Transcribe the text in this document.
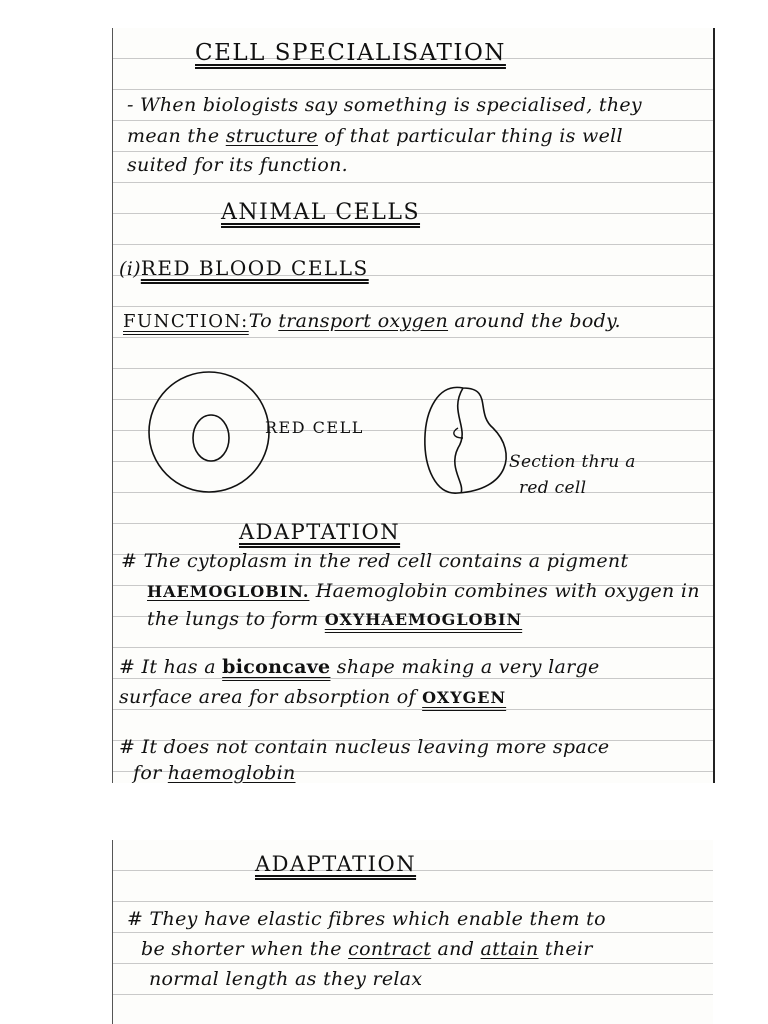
CELL SPECIALISATION
- When biologists say something is specialised, they
mean the structure of that particular thing is well
suited for its function.
ANIMAL CELLS
(i)RED BLOOD CELLS
FUNCTION:To transport oxygen around the body.
RED CELL
Section thru a
red cell
ADAPTATION
# The cytoplasm in the red cell contains a pigment
HAEMOGLOBIN. Haemoglobin combines with oxygen in
the lungs to form OXYHAEMOGLOBIN
# It has a biconcave shape making a very large
surface area for absorption of OXYGEN
# It does not contain nucleus leaving more space
for haemoglobin
ADAPTATION
# They have elastic fibres which enable them to
be shorter when the contract and attain their
normal length as they relax
